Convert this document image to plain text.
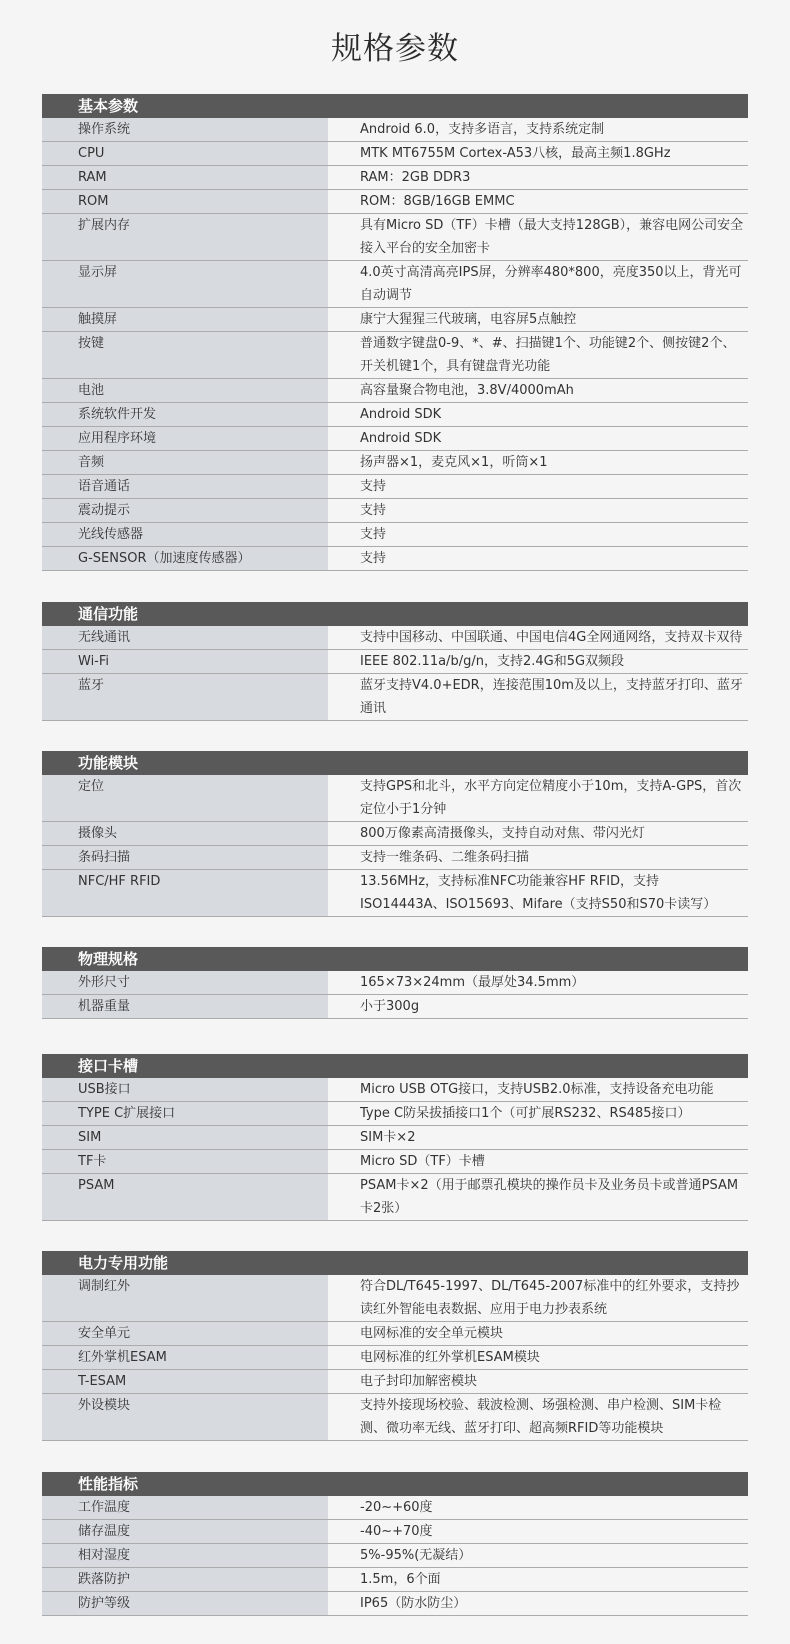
规格参数
基本参数
操作系统	Android 6.0，支持多语言，支持系统定制
CPU	MTK MT6755M Cortex-A53八核，最高主频1.8GHz
RAM	RAM：2GB DDR3
ROM	ROM：8GB/16GB EMMC
扩展内存	具有Micro SD（TF）卡槽（最大支持128GB），兼容电网公司安全接入平台的安全加密卡
显示屏	4.0英寸高清高亮IPS屏，分辨率480*800，亮度350以上，背光可自动调节
触摸屏	康宁大猩猩三代玻璃，电容屏5点触控
按键	普通数字键盘0-9、*、#、扫描键1个、功能键2个、侧按键2个、开关机键1个，具有键盘背光功能
电池	高容量聚合物电池，3.8V/4000mAh
系统软件开发	Android SDK
应用程序环境	Android SDK
音频	扬声器×1，麦克风×1，听筒×1
语音通话	支持
震动提示	支持
光线传感器	支持
G-SENSOR（加速度传感器）	支持
通信功能
无线通讯	支持中国移动、中国联通、中国电信4G全网通网络，支持双卡双待
Wi-Fi	IEEE 802.11a/b/g/n，支持2.4G和5G双频段
蓝牙	蓝牙支持V4.0+EDR，连接范围10m及以上，支持蓝牙打印、蓝牙通讯
功能模块
定位	支持GPS和北斗，水平方向定位精度小于10m，支持A-GPS，首次定位小于1分钟
摄像头	800万像素高清摄像头，支持自动对焦、带闪光灯
条码扫描	支持一维条码、二维条码扫描
NFC/HF RFID	13.56MHz，支持标准NFC功能兼容HF RFID，支持ISO14443A、ISO15693、Mifare（支持S50和S70卡读写）
物理规格
外形尺寸	165×73×24mm（最厚处34.5mm）
机器重量	小于300g
接口卡槽
USB接口	Micro USB OTG接口，支持USB2.0标准，支持设备充电功能
TYPE C扩展接口	Type C防呆拔插接口1个（可扩展RS232、RS485接口）
SIM	SIM卡×2
TF卡	Micro SD（TF）卡槽
PSAM	PSAM卡×2（用于邮票孔模块的操作员卡及业务员卡或普通PSAM卡2张）
电力专用功能
调制红外	符合DL/T645-1997、DL/T645-2007标准中的红外要求，支持抄读红外智能电表数据、应用于电力抄表系统
安全单元	电网标准的安全单元模块
红外掌机ESAM	电网标准的红外掌机ESAM模块
T-ESAM	电子封印加解密模块
外设模块	支持外接现场校验、载波检测、场强检测、串户检测、SIM卡检测、微功率无线、蓝牙打印、超高频RFID等功能模块
性能指标
工作温度	-20~+60度
储存温度	-40~+70度
相对湿度	5%-95%(无凝结）
跌落防护	1.5m，6个面
防护等级	IP65（防水防尘）
